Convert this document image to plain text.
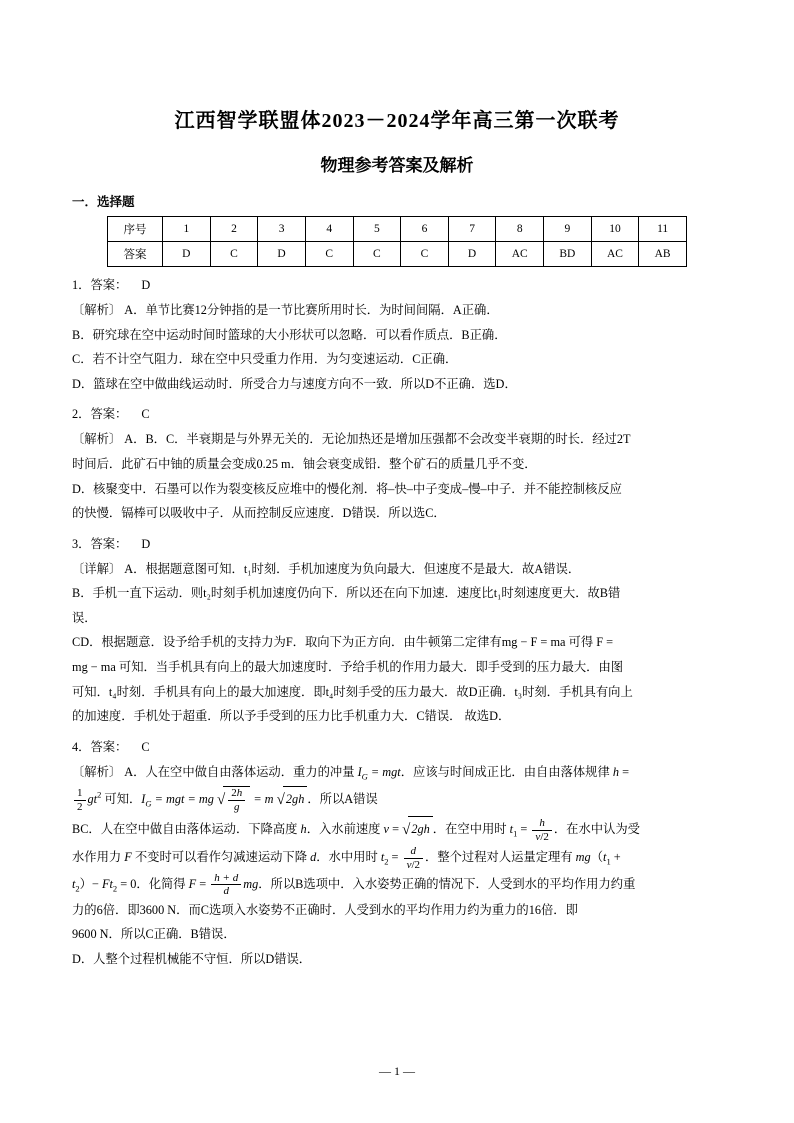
江西智学联盟体2023－2024学年高三第一次联考
物理参考答案及解析
一．选择题
序号	1	2	3	4	5	6	7	8	9	10	11
答案	D	C	D	C	C	C	D	AC	BD	AC	AB
1．答案： D
〔解析〕 A．单节比赛12分钟指的是一节比赛所用时长．为时间间隔．A正确．
B．研究球在空中运动时间时篮球的大小形状可以忽略．可以看作质点．B正确．
C．若不计空气阻力．球在空中只受重力作用．为匀变速运动．C正确．
D．篮球在空中做曲线运动时．所受合力与速度方向不一致．所以D不正确．选D．
2．答案： C
〔解析〕 A．B．C．半衰期是与外界无关的．无论加热还是增加压强都不会改变半衰期的时长．经过2T
时间后．此矿石中铀的质量会变成0.25 m．铀会衰变成铅．整个矿石的质量几乎不变．
D．核聚变中．石墨可以作为裂变核反应堆中的慢化剂．将‒快‒中子变成‒慢‒中子．并不能控制核反应
的快慢．镉棒可以吸收中子．从而控制反应速度．D错误．所以选C．
3．答案： D
〔详解〕 A．根据题意图可知．t₁时刻．手机加速度为负向最大．但速度不是最大．故A错误．
B．手机一直下运动．则t₂时刻手机加速度仍向下．所以还在向下加速．速度比t₁时刻速度更大．故B错
误．
CD．根据题意．设予给手机的支持力为F．取向下为正方向．由牛顿第二定律有mg − F = ma 可得 F =
mg − ma 可知．当手机具有向上的最大加速度时．予给手机的作用力最大．即手受到的压力最大．由图
可知．t₄时刻．手机具有向上的最大加速度．即t₄时刻手受的压力最大．故D正确．t₃时刻．手机具有向上
的加速度．手机处于超重．所以予手受到的压力比手机重力大．C错误． 故选D．
4．答案： C
〔解析〕 A．人在空中做自由落体运动．重力的冲量 $I_G$ = mgt．应该与时间成正比．由自由落体规律 h =
$\frac{1}{2} gt^2$ 可知．$I_G$ = mgt = mg √ $\frac{2h}{g} = m$ √2gh ．所以A错误
BC．人在空中做自由落体运动．下降高度 h．入水前速度 v = √2gh ．在空中用时 $t_1 = \frac{h}{v/2}$ ．在水中认为受
水作用力 F 不变时可以看作匀减速运动下降 d．水中用时 $t_2 = \frac{d}{v/2}$ ．整个过程对人运量定理有 $mg(t_1$ +
$t_2)- Ft_2 = 0$．化简得 $F = \frac{h + d}{d}$ mg．所以B选项中．入水姿势正确的情况下．人受到水的平均作用力约重
力的6倍．即3600 N．而C选项入水姿势不正确时．人受到水的平均作用力约为重力的16倍．即
9600 N．所以C正确．B错误．
D．人整个过程机械能不守恒．所以D错误．
— 1 —
